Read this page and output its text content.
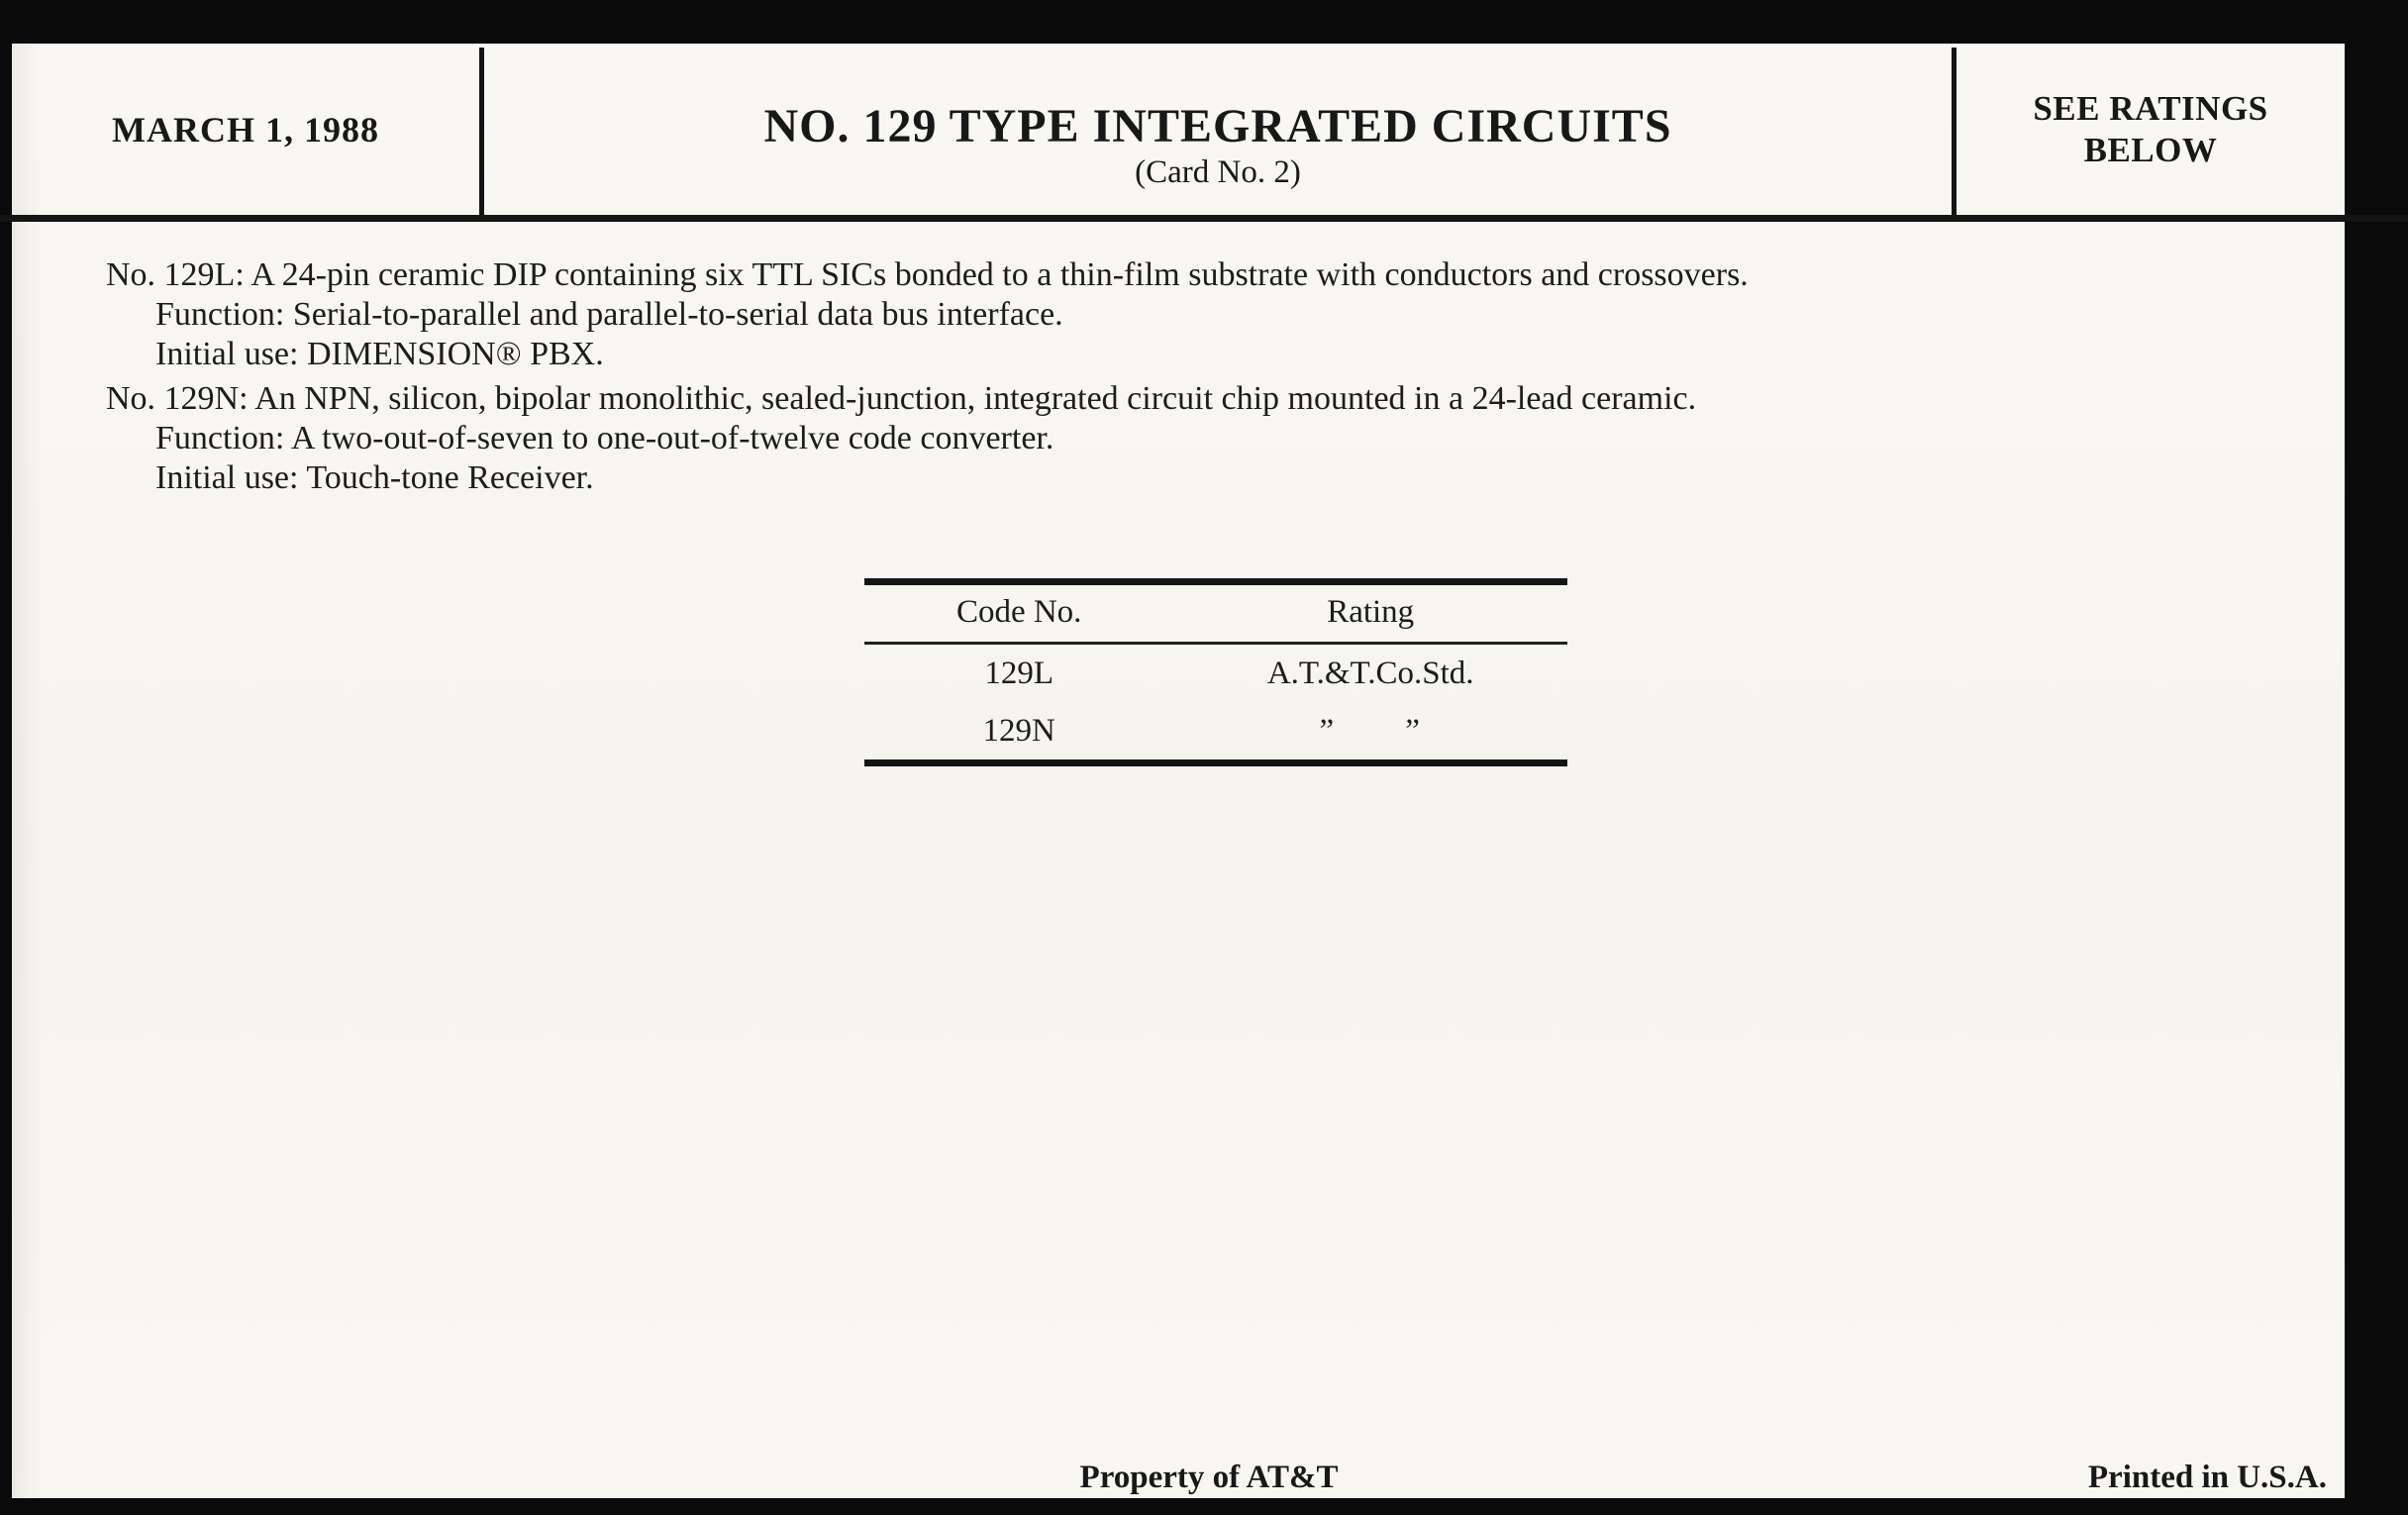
MARCH 1, 1988	NO. 129 TYPE INTEGRATED CIRCUITS
(Card No. 2)
SEE RATINGS
BELOW

No. 129L: A 24-pin ceramic DIP containing six TTL SICs bonded to a thin-film substrate with conductors and crossovers.

Function: Serial-to-parallel and parallel-to-serial data bus interface.

Initial use: DIMENSION® PBX.

No. 129N: An NPN, silicon, bipolar monolithic, sealed-junction, integrated circuit chip mounted in a 24-lead ceramic.

Function: A two-out-of-seven to one-out-of-twelve code converter.

Initial use: Touch-tone Receiver.

Code No.	Rating
129L	A.T.&T.Co.Std.
129N	”  ”
Property of AT&T	Printed in U.S.A.
